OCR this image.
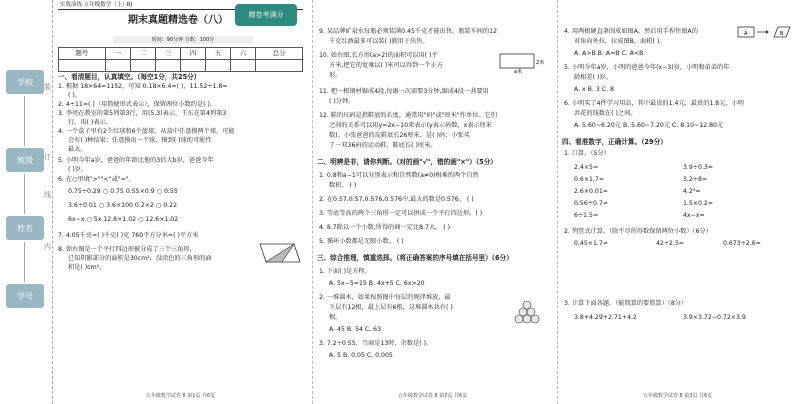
学校
班级
姓名
学号
装
订
线
内
实战演练·五年级数学（上）·RJ
期末真题精选卷（八）
精卷考满分
时间：90分钟 分数：100分
题号	一	二	三	四	五	六	总分

一、看清题目，认真填空。（每空1分，共25分）
1. 根据 18×64=1152，可知 0.18×6.4=( )，11.52÷1.8=
( )。
2. 4÷11=( )（用简便形式表示），保留两位小数约是( )。
3. 李亮在教室的第5列第3行，用(5,3)表示，王东在第4列第3
行，用( )表示。
4. 一个盒子里有2个红球和6个蓝球，从盒中任意摸两个球，可能
会有( )种结果；任意摸出一个球，摸到( )球的可能性
最大。
5. 小明今年a岁，爸爸的年龄比他的3倍大b岁，爸爸今年
( )岁。
6. 在○里填">""<"或"="。
0.75÷0.29 ○ 0.75 0.55×0.9 ○ 0.55
3.6÷0.01 ○ 3.6×100 0.2×2 ○ 0.22
6x−x ○ 5x 12.6×1.02 ○ 12.6×1.02
7. 4.05千克=( )千克( )克 760平方分米=( )平方米
8. 如右图是一个平行四边形被分成了三个三角形，
已知阴影部分的面积是30cm²，没涂色的三角形的面
积是( )cm²。
五年级数学试卷 8 第1页 共6页
9. 某品牌矿泉水每瓶必须装满0.45千克才能出售。瓶装车间的12
千克红酒最多可以装( )瓶用于出售。
10. 如右图,长方形(a>2)的面积可以用( )平
方米,把它的宽乘以( )米可以得到一个正方
形。
2米
a米
11. 把一根钢材锯成4段,每锯一次需要3分钟,锯成4段一共要用
( )分钟。
12. 鞋的尺码是指鞋底的长度，通常用"码"或"厘米"作单位。它们
之间的关系可以用y=2x−10来表示(y表示码数，x表示厘米
数)。小张爸爸的皮鞋底长26厘米，是( )码；小张买
了一双36码的运动鞋，鞋底长( )厘米。
二、明辨是非，请你判断。（对的画"√"，错的画"×"）（5分）
1. 0.8和a−1可以分别表示和自然数(a≠0)相乘的两个自然
数积。 ( )
2. 在0.57,0.57̇,0.57̇6̇,0.576中,最大的数是0.576。 ( )
3. 等底等高的两个三角形一定可以拼成一个平行四边形。( )
4. 8.7除以一个小数,所得的商一定比8.7大。 ( )
5. 循环小数都是无限小数。 ( )
三、综合推理，慎重选择。（将正确答案的序号填在括号里）（6分）
1. 下面( )是方程。
A. 5x−5=15 B. 4x+5 C. 6x>20
2. 一堆圆木，如果按照图中每层的规律堆放，最
下层有12根，最上层有6根，这堆圆木共有( )
根。
A. 45 B. 54 C. 63
3. 7.2÷0.55，当商是13时，余数是( )。
A. 5 B. 0.05 C. 0.005
五年级数学试卷 8 第2页 共6页
4. 用两根硬直条围成如图A，然后用手捏住图A的
对角向外拉，拉成图B，面积( )。
A. A>B B. A=B C. A<B
A	B
5. 小明今年a岁，小明的爸爸今年(x−3)岁，小明和弟弟的年
龄相差( )岁。
A. x B. 3 C. 8
6. 小明买了4件学习用品，其中最贵的1.4元，最贵的1.8元，小明
共花的钱数在( )之间。
A. 5.60~6.20元 B. 5.60~7.20元 C. 8.10~12.80元
四、看准数字，正确计算。（29分）
1. 口算。（5分）
2.4×5=	3.9÷0.3=
0.6×1.7=	3.2÷8=
2.6×0.01=	4.2²=
0.56÷0.7=	1.5×0.2=
6÷1.5=	4x−x=
2. 列竖式计算。（除不尽的得数保留两位小数）（6分）
0.45×1.7=	42÷2.5=	0.673÷2.6≈
3. 计算下面各题。（能简算的要简算）（8分）
3.8+4.29+2.71+4.2	3.9×3.72−0.72×3.9
五年级数学试卷 8 第3页 共6页
